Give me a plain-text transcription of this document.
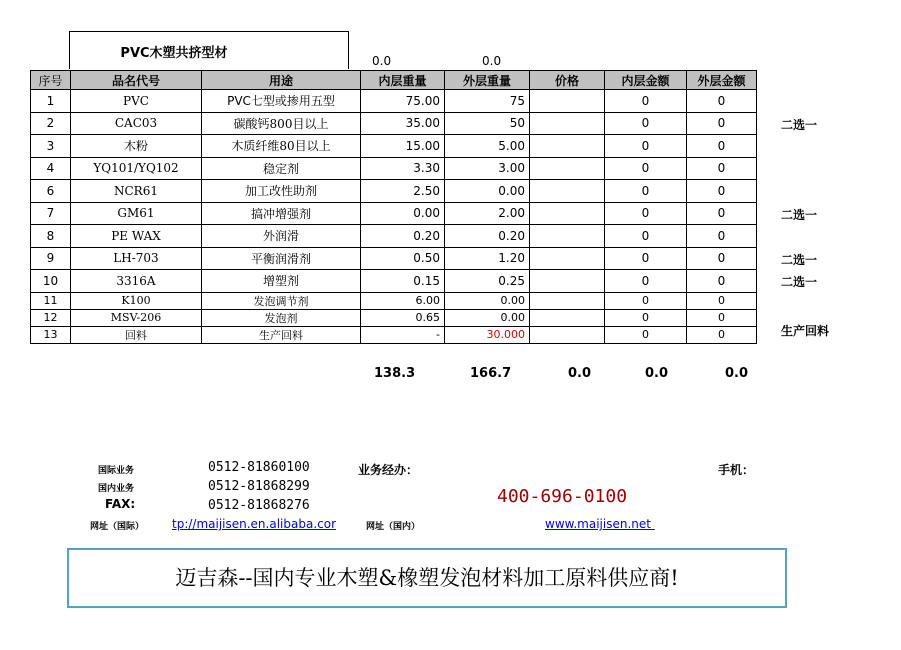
PVC木塑共挤型材	0.0	0.0
序号	品名代号	用途	内层重量	外层重量	价格	内层金额	外层金额
1	PVC	PVC七型或掺用五型	75.00	75		0	0
2	CAC03	碳酸钙800目以上	35.00	50		0	0
3	木粉	木质纤维80目以上	15.00	5.00		0	0
4	YQ101/YQ102	稳定剂	3.30	3.00		0	0
6	NCR61	加工改性助剂	2.50	0.00		0	0
7	GM61	搞冲增强剂	0.00	2.00		0	0
8	PE WAX	外润滑	0.20	0.20		0	0
9	LH-703	平衡润滑剂	0.50	1.20		0	0
10	3316A	增塑剂	0.15	0.25		0	0
11	K100	发泡调节剂	6.00	0.00		0	0
12	MSV-206	发泡剂	0.65	0.00		0	0
13	回料	生产回料	-	30.000		0	0
二选一
二选一
二选一
二选一
生产回料
138.3	166.7	0.0	0.0	0.0
国际业务	0512-81860100
国内业务	0512-81868299
FAX:	0512-81868276
业务经办：	手机：
400-696-0100
网址（国际） tp://maijisen.en.alibaba.cor	网址（国内）	www.maijisen.net
迈吉森--国内专业木塑&橡塑发泡材料加工原料供应商!
